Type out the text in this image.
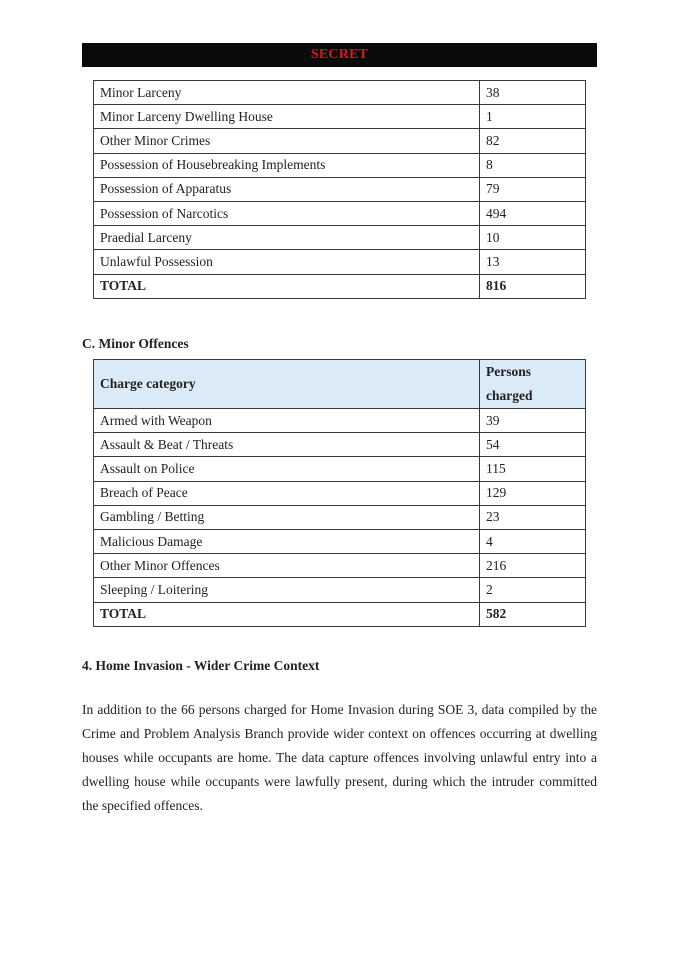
SECRET
Minor Larceny	38
Minor Larceny Dwelling House	1
Other Minor Crimes	82
Possession of Housebreaking Implements	8
Possession of Apparatus	79
Possession of Narcotics	494
Praedial Larceny	10
Unlawful Possession	13
TOTAL	816
C. Minor Offences
Charge category	Persons
charged
Armed with Weapon	39
Assault & Beat / Threats	54
Assault on Police	115
Breach of Peace	129
Gambling / Betting	23
Malicious Damage	4
Other Minor Offences	216
Sleeping / Loitering	2
TOTAL	582
4. Home Invasion - Wider Crime Context

In addition to the 66 persons charged for Home Invasion during SOE 3, data compiled by the Crime and Problem Analysis Branch provide wider context on offences occurring at dwelling houses while occupants are home. The data capture offences involving unlawful entry into a dwelling house while occupants were lawfully present, during which the intruder committed the specified offences.
